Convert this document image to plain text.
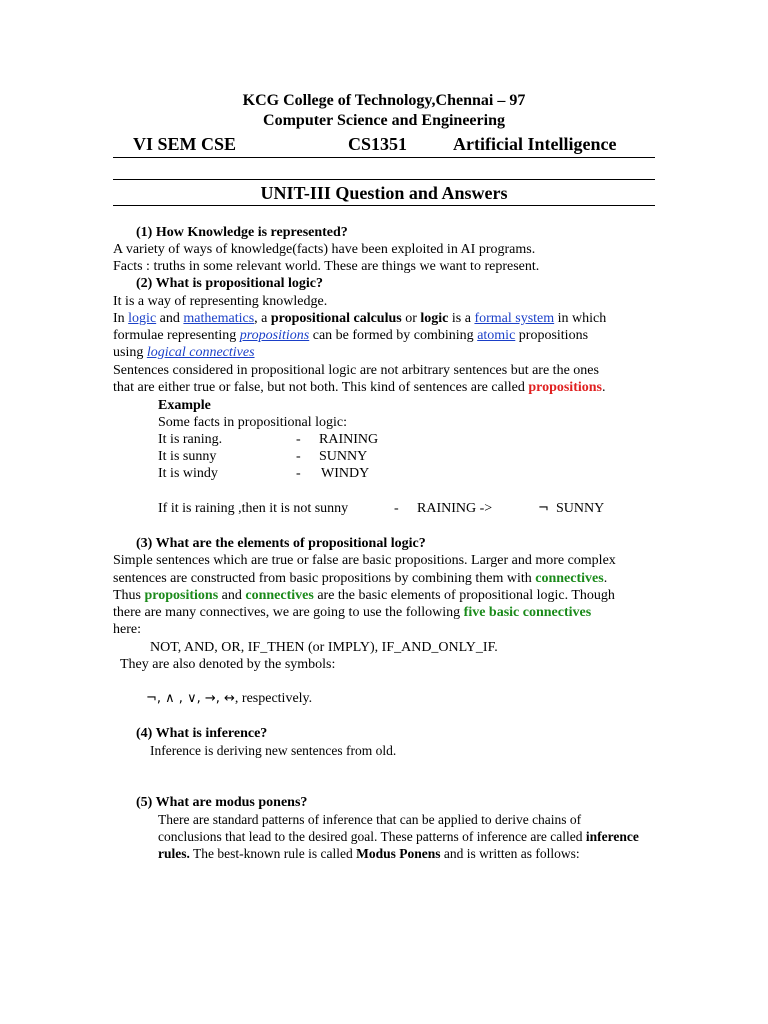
KCG College of Technology,Chennai – 97
Computer Science and Engineering
VI SEM CSE	CS1351	Artificial Intelligence
UNIT-III Question and Answers
(1) How Knowledge is represented?
A variety of ways of knowledge(facts) have been exploited in AI programs.
Facts : truths in some relevant world. These are things we want to represent.
(2) What is propositional logic?
It is a way of representing knowledge.
In logic and mathematics, a propositional calculus or logic is a formal system in which
formulae representing propositions can be formed by combining atomic propositions
using logical connectives
Sentences considered in propositional logic are not arbitrary sentences but are the ones
that are either true or false, but not both. This kind of sentences are called propositions.
Example
Some facts in propositional logic:
It is raning.	- RAINING
It is sunny	- SUNNY
It is windy	- WINDY
If it is raining ,then it is not sunny	- RAINING ->	¬ SUNNY
(3) What are the elements of propositional logic?
Simple sentences which are true or false are basic propositions. Larger and more complex
sentences are constructed from basic propositions by combining them with connectives.
Thus propositions and connectives are the basic elements of propositional logic. Though
there are many connectives, we are going to use the following five basic connectives
here:
NOT, AND, OR, IF_THEN (or IMPLY), IF_AND_ONLY_IF.
They are also denoted by the symbols:
¬, ∧ , ∨, →, ↔, respectively.
(4) What is inference?
Inference is deriving new sentences from old.
(5) What are modus ponens?
There are standard patterns of inference that can be applied to derive chains of
conclusions that lead to the desired goal. These patterns of inference are called inference
rules. The best-known rule is called Modus Ponens and is written as follows:
